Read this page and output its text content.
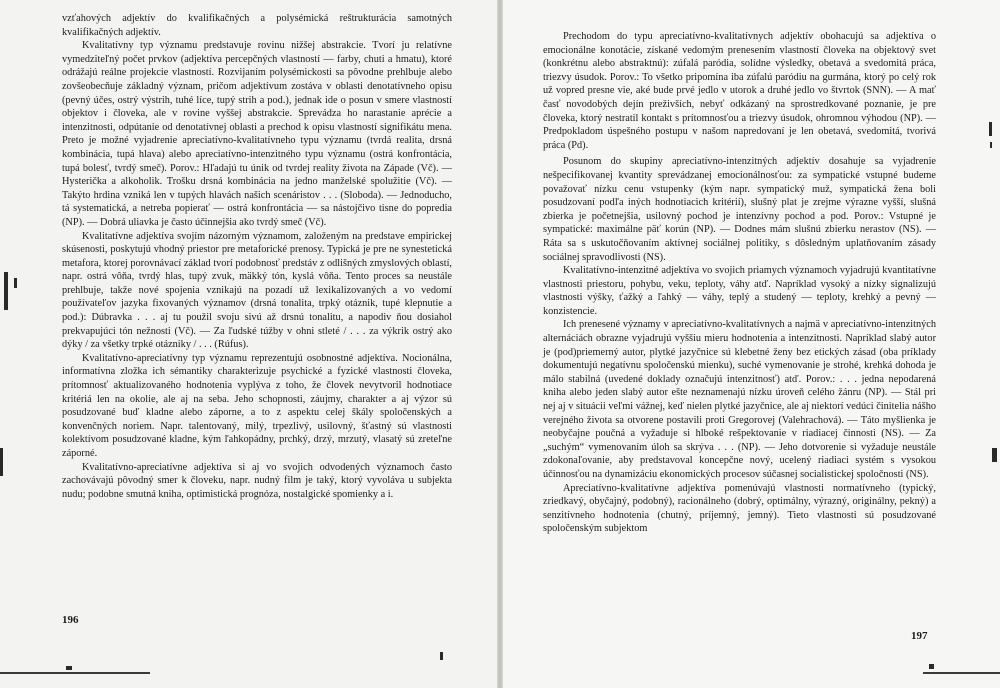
vzťahových adjektív do kvalifikačných a polysémická reštrukturácia samotných kvalifikačných adjektív.

Kvalitatívny typ významu predstavuje rovinu nižšej abstrakcie. Tvorí ju relatívne vymedziteľný počet prvkov (adjektíva percepčných vlastností — farby, chuti a hmatu), ktoré odrážajú reálne projekcie vlastností. Rozvijaním polysémickosti sa pôvodne prehlbuje alebo zovšeobecňuje základný význam, pričom adjektívum zostáva v oblasti denotatívneho opisu (pevný účes, ostrý výstrih, tuhé líce, tupý strih a pod.), jednak ide o posun v smere vlastností objektov i človeka, ale v rovine vyššej abstrakcie. Sprevádza ho narastanie aprécie a intenzitnosti, odpútanie od denotatívnej oblasti a prechod k opisu vlastností signifikátu mena. Preto je možné vyjadrenie apreciatívno-kvalitatívneho typu významu (tvrdá realita, drsná kombinácia, tupá hlava) alebo apreciatívno-intenzitného typu významu (ostrá konfrontácia, tupá bolesť, tvrdý smeč). Porov.: Hľadajú tu únik od tvrdej reality života na Západe (Vč). — Hysterička a alkoholik. Trošku drsná kombinácia na jedno manželské spolužitie (Vč). — Takýto hrdina vzniká len v tupých hlavách našich scenáristov . . . (Sloboda). — Jednoducho, tá systematická, a netreba popierať — ostrá konfrontácia — sa nástojčivo tisne do popredia (NP). — Dobrá uliavka je často účinnejšia ako tvrdý smeč (Vč).

Kvalitatívne adjektíva svojím názorným významom, založeným na predstave empirickej skúsenosti, poskytujú vhodný priestor pre metaforické prenosy. Typická je pre ne synestetická metafora, ktorej porovnávací základ tvorí podobnosť predstáv z odlišných zmyslových oblastí, napr. ostrá vôňa, tvrdý hlas, tupý zvuk, mäkký tón, kyslá vôňa. Tento proces sa neustále prehlbuje, takže nové spojenia vznikajú na pozadí už lexikalizovaných a vo vedomí používateľov jazyka fixovaných významov (drsná tonalita, trpký otáznik, tupé klepnutie a pod.): Dúbravka . . . aj tu použil svoju sivú až drsnú tonalitu, a napodiv ňou dosiahol prekvapujúci tón nežnosti (Vč). — Za ľudské túžby v ohni stleté / . . . za výkrik ostrý ako dýky / za všetky trpké otázniky / . . . (Rúfus).

Kvalitatívno-apreciatívny typ významu reprezentujú osobnostné adjektíva. Nocionálna, informatívna zložka ich sémantiky charakterizuje psychické a fyzické vlastnosti človeka, prítomnosť aktualizovaného hodnotenia vyplýva z toho, že človek nevytvoril hodnotiace kritériá len na okolie, ale aj na seba. Jeho schopnosti, záujmy, charakter a aj výzor sú posudzované buď kladne alebo záporne, a to z aspektu celej škály spoločenských a konvenčných noriem. Napr. talentovaný, milý, trpezlivý, usilovný, šťastný sú vlastnosti kolektívom posudzované kladne, kým ľahkopádny, prchký, drzý, mrzutý, vlasatý sú zreteľne záporné.

Kvalitatívno-apreciatívne adjektíva si aj vo svojich odvodených významoch často zachovávajú pôvodný smer k človeku, napr. nudný film je taký, ktorý vyvoláva u subjekta nudu; podobne smutná kniha, optimistická prognóza, nostalgické spomienky a i.

196

Prechodom do typu apreciatívno-kvalitatívnych adjektív obohacujú sa adjektíva o emocionálne konotácie, získané vedomým prenesením vlastností človeka na objektový svet (konkrétnu alebo abstraktnú): zúfalá paródia, solídne výsledky, obetavá a svedomitá práca, triezvy úsudok. Porov.: To všetko pripomína iba zúfalú paródiu na gurmána, ktorý po celý rok už vopred presne vie, aké bude prvé jedlo v utorok a druhé jedlo vo štvrtok (SNN). — A mať časť novodobých dejín preživších, nebyť odkázaný na sprostredkované poznanie, je pre človeka, ktorý nestratil kontakt s prítomnosťou a triezvy úsudok, ohromnou výhodou (NP). — Predpokladom úspešného postupu v našom napredovaní je len obetavá, svedomitá, tvorivá práca (Pd).

Posunom do skupiny apreciatívno-intenzitných adjektív dosahuje sa vyjadrenie nešpecifikovanej kvantity sprevádzanej emocionálnosťou: za sympatické vstupné budeme považovať nízku cenu vstupenky (kým napr. sympatický muž, sympatická žena boli posudzovaní podľa iných hodnotiacich kritérií), slušný plat je zrejme výrazne vyšší, slušná zbierka je početnejšia, usilovný pochod je intenzívny pochod a pod. Porov.: Vstupné je sympatické: maximálne päť korún (NP). — Dodnes mám slušnú zbierku nerastov (NS). — Ráta sa s uskutočňovaním aktívnej sociálnej politiky, s dôsledným uplatňovaním zásady sociálnej spravodlivosti (NS).

Kvalitatívno-intenzitné adjektíva vo svojich priamych významoch vyjadrujú kvantitatívne vlastnosti priestoru, pohybu, veku, teploty, váhy atď. Napríklad vysoký a nízky signalizujú vlastnosti výšky, ťažký a ľahký — váhy, teplý a studený — teploty, krehký a pevný — konzistencie.

Ich prenesené významy v apreciatívno-kvalitatívnych a najmä v apreciatívno-intenzitných alternáciách obrazne vyjadrujú vyššiu mieru hodnotenia a intenzitnosti. Napríklad slabý autor je (pod)priemerný autor, plytké jazyčnice sú klebetné ženy bez etických zásad (oba príklady dokumentujú negatívnu spoločenskú mienku), suché vymenovanie je strohé, krehká dohoda je málo stabilná (uvedené doklady označujú intenzitnosť) atď. Porov.: . . . jedna nepodarená kniha alebo jeden slabý autor ešte neznamenajú nízku úroveň celého žánru (NP). — Stál pri nej aj v situácii veľmi vážnej, keď nielen plytké jazyčnice, ale aj niektorí vedúci činitelia nášho verejného života sa otvorene postavili proti Gregorovej (Valehrachová). — Táto myšlienka je neobyčajne poučná a vyžaduje si hlboké rešpektovanie v riadiacej činnosti (NS). — Za „suchým“ vymenovaním úloh sa skrýva . . . (NP). — Jeho dotvorenie si vyžaduje neustále zdokonaľovanie, aby predstavoval koncepčne nový, ucelený riadiaci systém s vysokou účinnosťou na dynamizáciu ekonomických procesov súčasnej socialistickej spoločnosti (NS).

Apreciatívno-kvalitatívne adjektíva pomenúvajú vlastnosti normatívneho (typický, zriedkavý, obyčajný, podobný), racionálneho (dobrý, optimálny, výrazný, originálny, pekný) a senzitívneho hodnotenia (chutný, príjemný, jemný). Tieto vlastnosti sú posudzované spoločenským subjektom

197
